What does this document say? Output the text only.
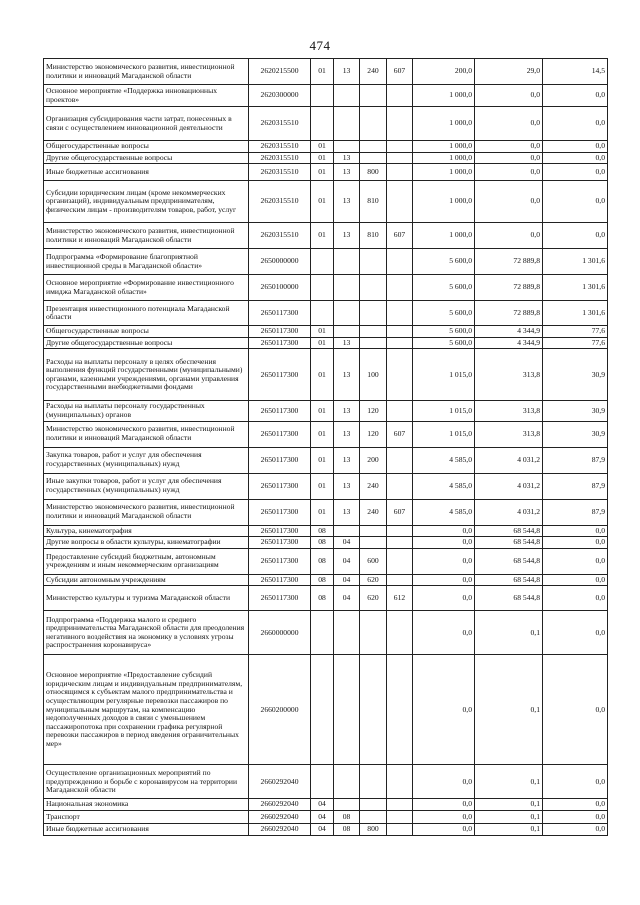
474
Министерство экономического развития, инвестиционной политики и инноваций Магаданской области	2620215500	01	13	240	607	200,0	29,0	14,5
Основное мероприятие «Поддержка инновационных проектов»	2620300000					1 000,0	0,0	0,0
Организация субсидирования части затрат, понесенных в связи с осуществлением инновационной деятельности	2620315510					1 000,0	0,0	0,0
Общегосударственные вопросы	2620315510	01				1 000,0	0,0	0,0
Другие общегосударственные вопросы	2620315510	01	13			1 000,0	0,0	0,0
Иные бюджетные ассигнования	2620315510	01	13	800		1 000,0	0,0	0,0
Субсидии юридическим лицам (кроме некоммерческих организаций), индивидуальным предпринимателям, физическим лицам - производителям товаров, работ, услуг	2620315510	01	13	810		1 000,0	0,0	0,0
Министерство экономического развития, инвестиционной политики и инноваций Магаданской области	2620315510	01	13	810	607	1 000,0	0,0	0,0
Подпрограмма «Формирование благоприятной инвестиционной среды в Магаданской области»	2650000000					5 600,0	72 889,8	1 301,6
Основное мероприятие «Формирование инвестиционного имиджа Магаданской области»	2650100000					5 600,0	72 889,8	1 301,6
Презентация инвестиционного потенциала Магаданской области	2650117300					5 600,0	72 889,8	1 301,6
Общегосударственные вопросы	2650117300	01				5 600,0	4 344,9	77,6
Другие общегосударственные вопросы	2650117300	01	13			5 600,0	4 344,9	77,6
Расходы на выплаты персоналу в целях обеспечения выполнения функций государственными (муниципальными) органами, казенными учреждениями, органами управления государственными внебюджетными фондами	2650117300	01	13	100		1 015,0	313,8	30,9
Расходы на выплаты персоналу государственных (муниципальных) органов	2650117300	01	13	120		1 015,0	313,8	30,9
Министерство экономического развития, инвестиционной политики и инноваций Магаданской области	2650117300	01	13	120	607	1 015,0	313,8	30,9
Закупка товаров, работ и услуг для обеспечения государственных (муниципальных) нужд	2650117300	01	13	200		4 585,0	4 031,2	87,9
Иные закупки товаров, работ и услуг для обеспечения государственных (муниципальных) нужд	2650117300	01	13	240		4 585,0	4 031,2	87,9
Министерство экономического развития, инвестиционной политики и инноваций Магаданской области	2650117300	01	13	240	607	4 585,0	4 031,2	87,9
Культура, кинематография	2650117300	08				0,0	68 544,8	0,0
Другие вопросы в области культуры, кинематографии	2650117300	08	04			0,0	68 544,8	0,0
Предоставление субсидий бюджетным, автономным учреждениям и иным некоммерческим организациям	2650117300	08	04	600		0,0	68 544,8	0,0
Субсидии автономным учреждениям	2650117300	08	04	620		0,0	68 544,8	0,0
Министерство культуры и туризма Магаданской области	2650117300	08	04	620	612	0,0	68 544,8	0,0
Подпрограмма «Поддержка малого и среднего предпринимательства Магаданской области для преодоления негативного воздействия на экономику в условиях угрозы распространения коронавируса»	2660000000					0,0	0,1	0,0
Основное мероприятие «Предоставление субсидий юридическим лицам и индивидуальным предпринимателям, относящимся к субъектам малого предпринимательства и осуществляющим регулярные перевозки пассажиров по муниципальным маршрутам, на компенсацию недополученных доходов в связи с уменьшением пассажиропотока при сохранении графика регулярной перевозки пассажиров в период введения ограничительных мер»	2660200000					0,0	0,1	0,0
Осуществление организационных мероприятий по предупреждению и борьбе с коронавирусом на территории Магаданской области	2660292040					0,0	0,1	0,0
Национальная экономика	2660292040	04				0,0	0,1	0,0
Транспорт	2660292040	04	08			0,0	0,1	0,0
Иные бюджетные ассигнования	2660292040	04	08	800		0,0	0,1	0,0
